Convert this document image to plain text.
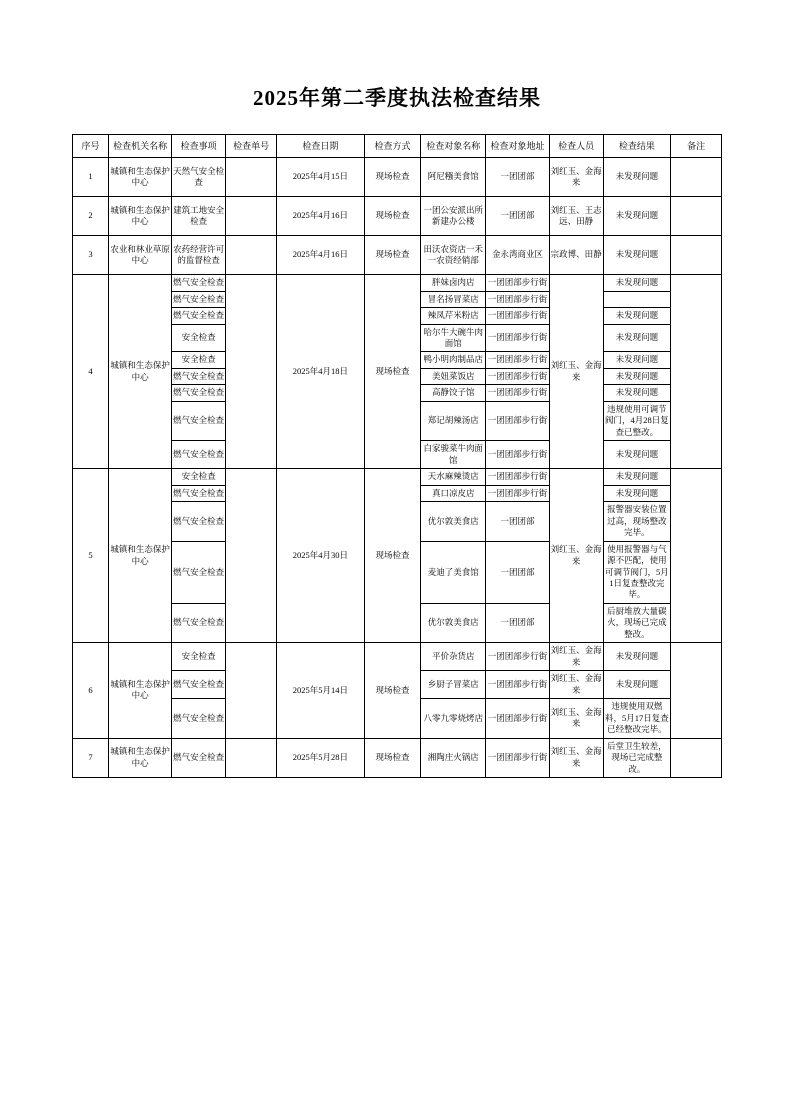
2025年第二季度执法检查结果
序号	检查机关名称	检查事项	检查单号	检查日期	检查方式	检查对象名称	检查对象地址	检查人员	检查结果	备注
1	城镇和生态保护中心	天然气安全检查		2025年4月15日	现场检查	阿尼糨美食馆	一团团部	刘红玉、金海来	未发现问题	
2	城镇和生态保护中心	建筑工地安全检查		2025年4月16日	现场检查	一团公安派出所新建办公楼	一团团部	刘红玉、王志远、田静	未发现问题	
3	农业和林业草原中心	农药经营许可的监督检查		2025年4月16日	现场检查	田沃农资店一禾一农资经销部	金永湾商业区	宗政博、田静	未发现问题	
4	城镇和生态保护中心	燃气安全检查		2025年4月18日	现场检查	胖妹卤肉店	一团团部步行街	刘红玉、金海来	未发现问题	
		燃气安全检查				冒名扬冒菜店	一团团部步行街			
		燃气安全检查				辣凤芹米粉店	一团团部步行街		未发现问题	
		安全检查				哈尔牛大碗牛肉面馆	一团团部步行街		未发现问题	
		安全检查				鸭小明肉制品店	一团团部步行街		未发现问题	
		燃气安全检查				美妞菜饭店	一团团部步行街		未发现问题	
		燃气安全检查				高静饺子馆	一团团部步行街		未发现问题	
		燃气安全检查				郑记胡辣汤店	一团团部步行街		违规使用可调节阀门，4月28日复查已整改。	
		燃气安全检查				白家骏菜牛肉面馆	一团团部步行街		未发现问题	
5	城镇和生态保护中心	安全检查		2025年4月30日	现场检查	天水麻辣烫店	一团团部步行街	刘红玉、金海来	未发现问题	
		燃气安全检查				真口凉皮店	一团团部步行街		未发现问题	
		燃气安全检查				优尔敦美食店	一团团部		报警器安装位置过高，现场整改完毕。	
		燃气安全检查				麦迪了美食馆	一团团部		使用报警器与气源不匹配，使用可调节阀门，5月1日复查整改完毕。	
		燃气安全检查				优尔敦美食店	一团团部		后厨堆放大量碳火，现场已完成整改。	
6	城镇和生态保护中心	安全检查		2025年5月14日	现场检查	平价杂货店	一团团部步行街	刘红玉、金海来	未发现问题	
		燃气安全检查				乡厨子冒菜店	一团团部步行街	刘红玉、金海来	未发现问题	
		燃气安全检查				八零九零烧烤店	一团团部步行街	刘红玉、金海来	违规使用双燃料，5月17日复查已经整改完毕。	
7	城镇和生态保护中心	燃气安全检查		2025年5月28日	现场检查	湘陶庄火锅店	一团团部步行街	刘红玉、金海来	后堂卫生较差，现场已完成整改。	
